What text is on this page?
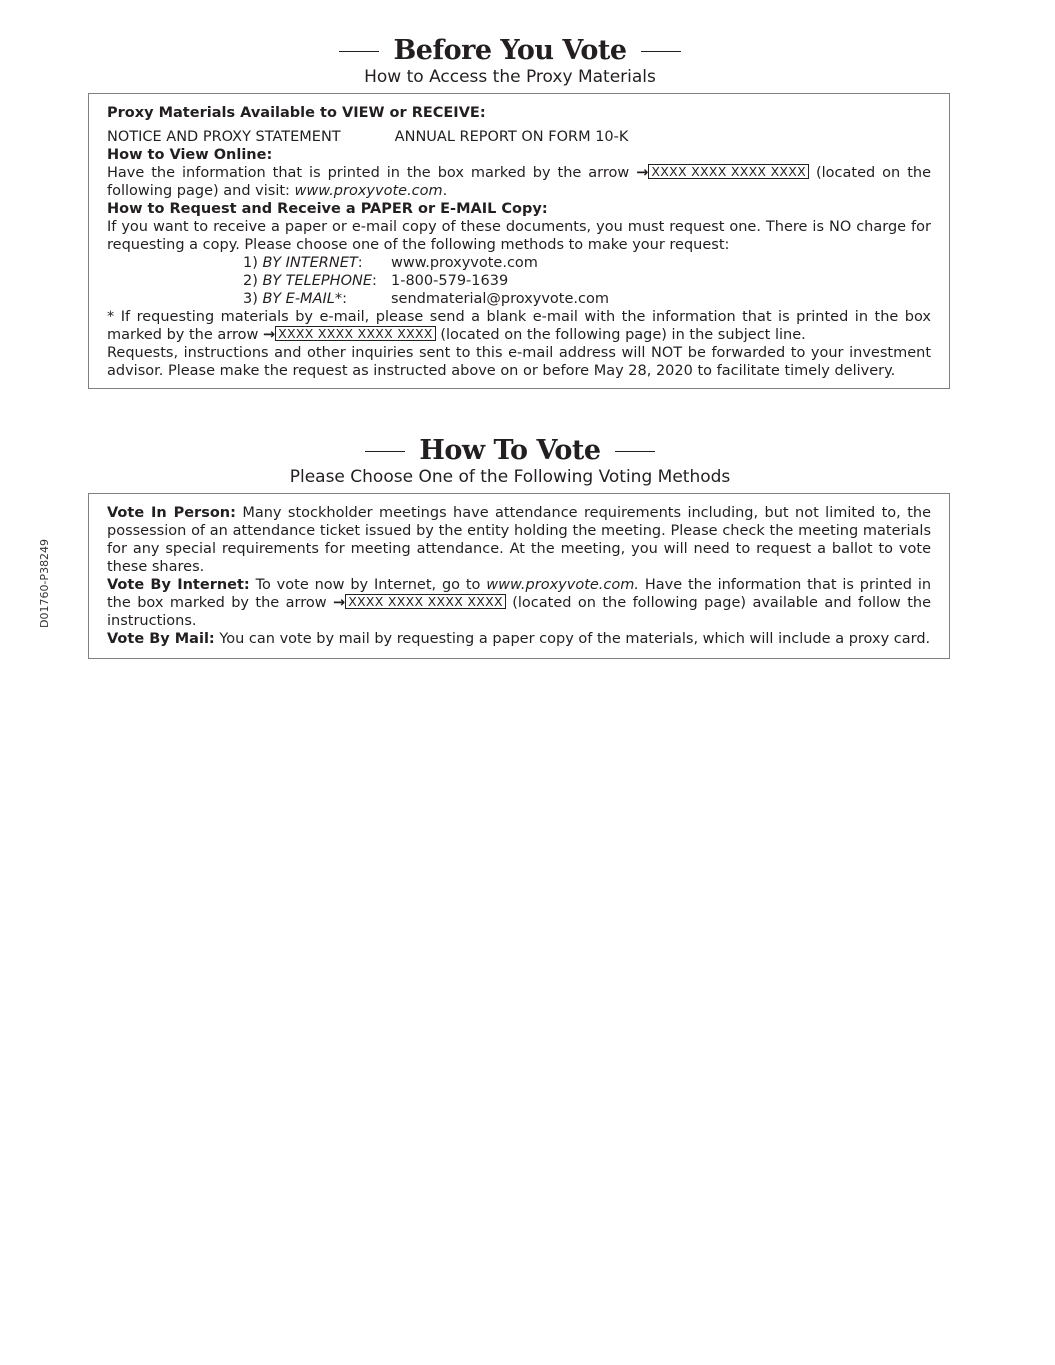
D01760-P38249
Before You Vote
How to Access the Proxy Materials

Proxy Materials Available to VIEW or RECEIVE:

NOTICE AND PROXY STATEMENT	ANNUAL REPORT ON FORM 10-K

How to View Online:

Have the information that is printed in the box marked by the arrow → XXXX XXXX XXXX XXXX (located on the following page) and visit: www.proxyvote.com.

How to Request and Receive a PAPER or E-MAIL Copy:

If you want to receive a paper or e-mail copy of these documents, you must request one. There is NO charge for requesting a copy. Please choose one of the following methods to make your request:

1) BY INTERNET:	www.proxyvote.com
2) BY TELEPHONE: 1-800-579-1639
3) BY E-MAIL*:	sendmaterial@proxyvote.com

* If requesting materials by e-mail, please send a blank e-mail with the information that is printed in the box marked by the arrow → XXXX XXXX XXXX XXXX (located on the following page) in the subject line.

Requests, instructions and other inquiries sent to this e-mail address will NOT be forwarded to your investment advisor. Please make the request as instructed above on or before May 28, 2020 to facilitate timely delivery.

How To Vote
Please Choose One of the Following Voting Methods

Vote In Person: Many stockholder meetings have attendance requirements including, but not limited to, the possession of an attendance ticket issued by the entity holding the meeting. Please check the meeting materials for any special requirements for meeting attendance. At the meeting, you will need to request a ballot to vote these shares.

Vote By Internet: To vote now by Internet, go to www.proxyvote.com. Have the information that is printed in the box marked by the arrow → XXXX XXXX XXXX XXXX (located on the following page) available and follow the instructions.

Vote By Mail: You can vote by mail by requesting a paper copy of the materials, which will include a proxy card.
